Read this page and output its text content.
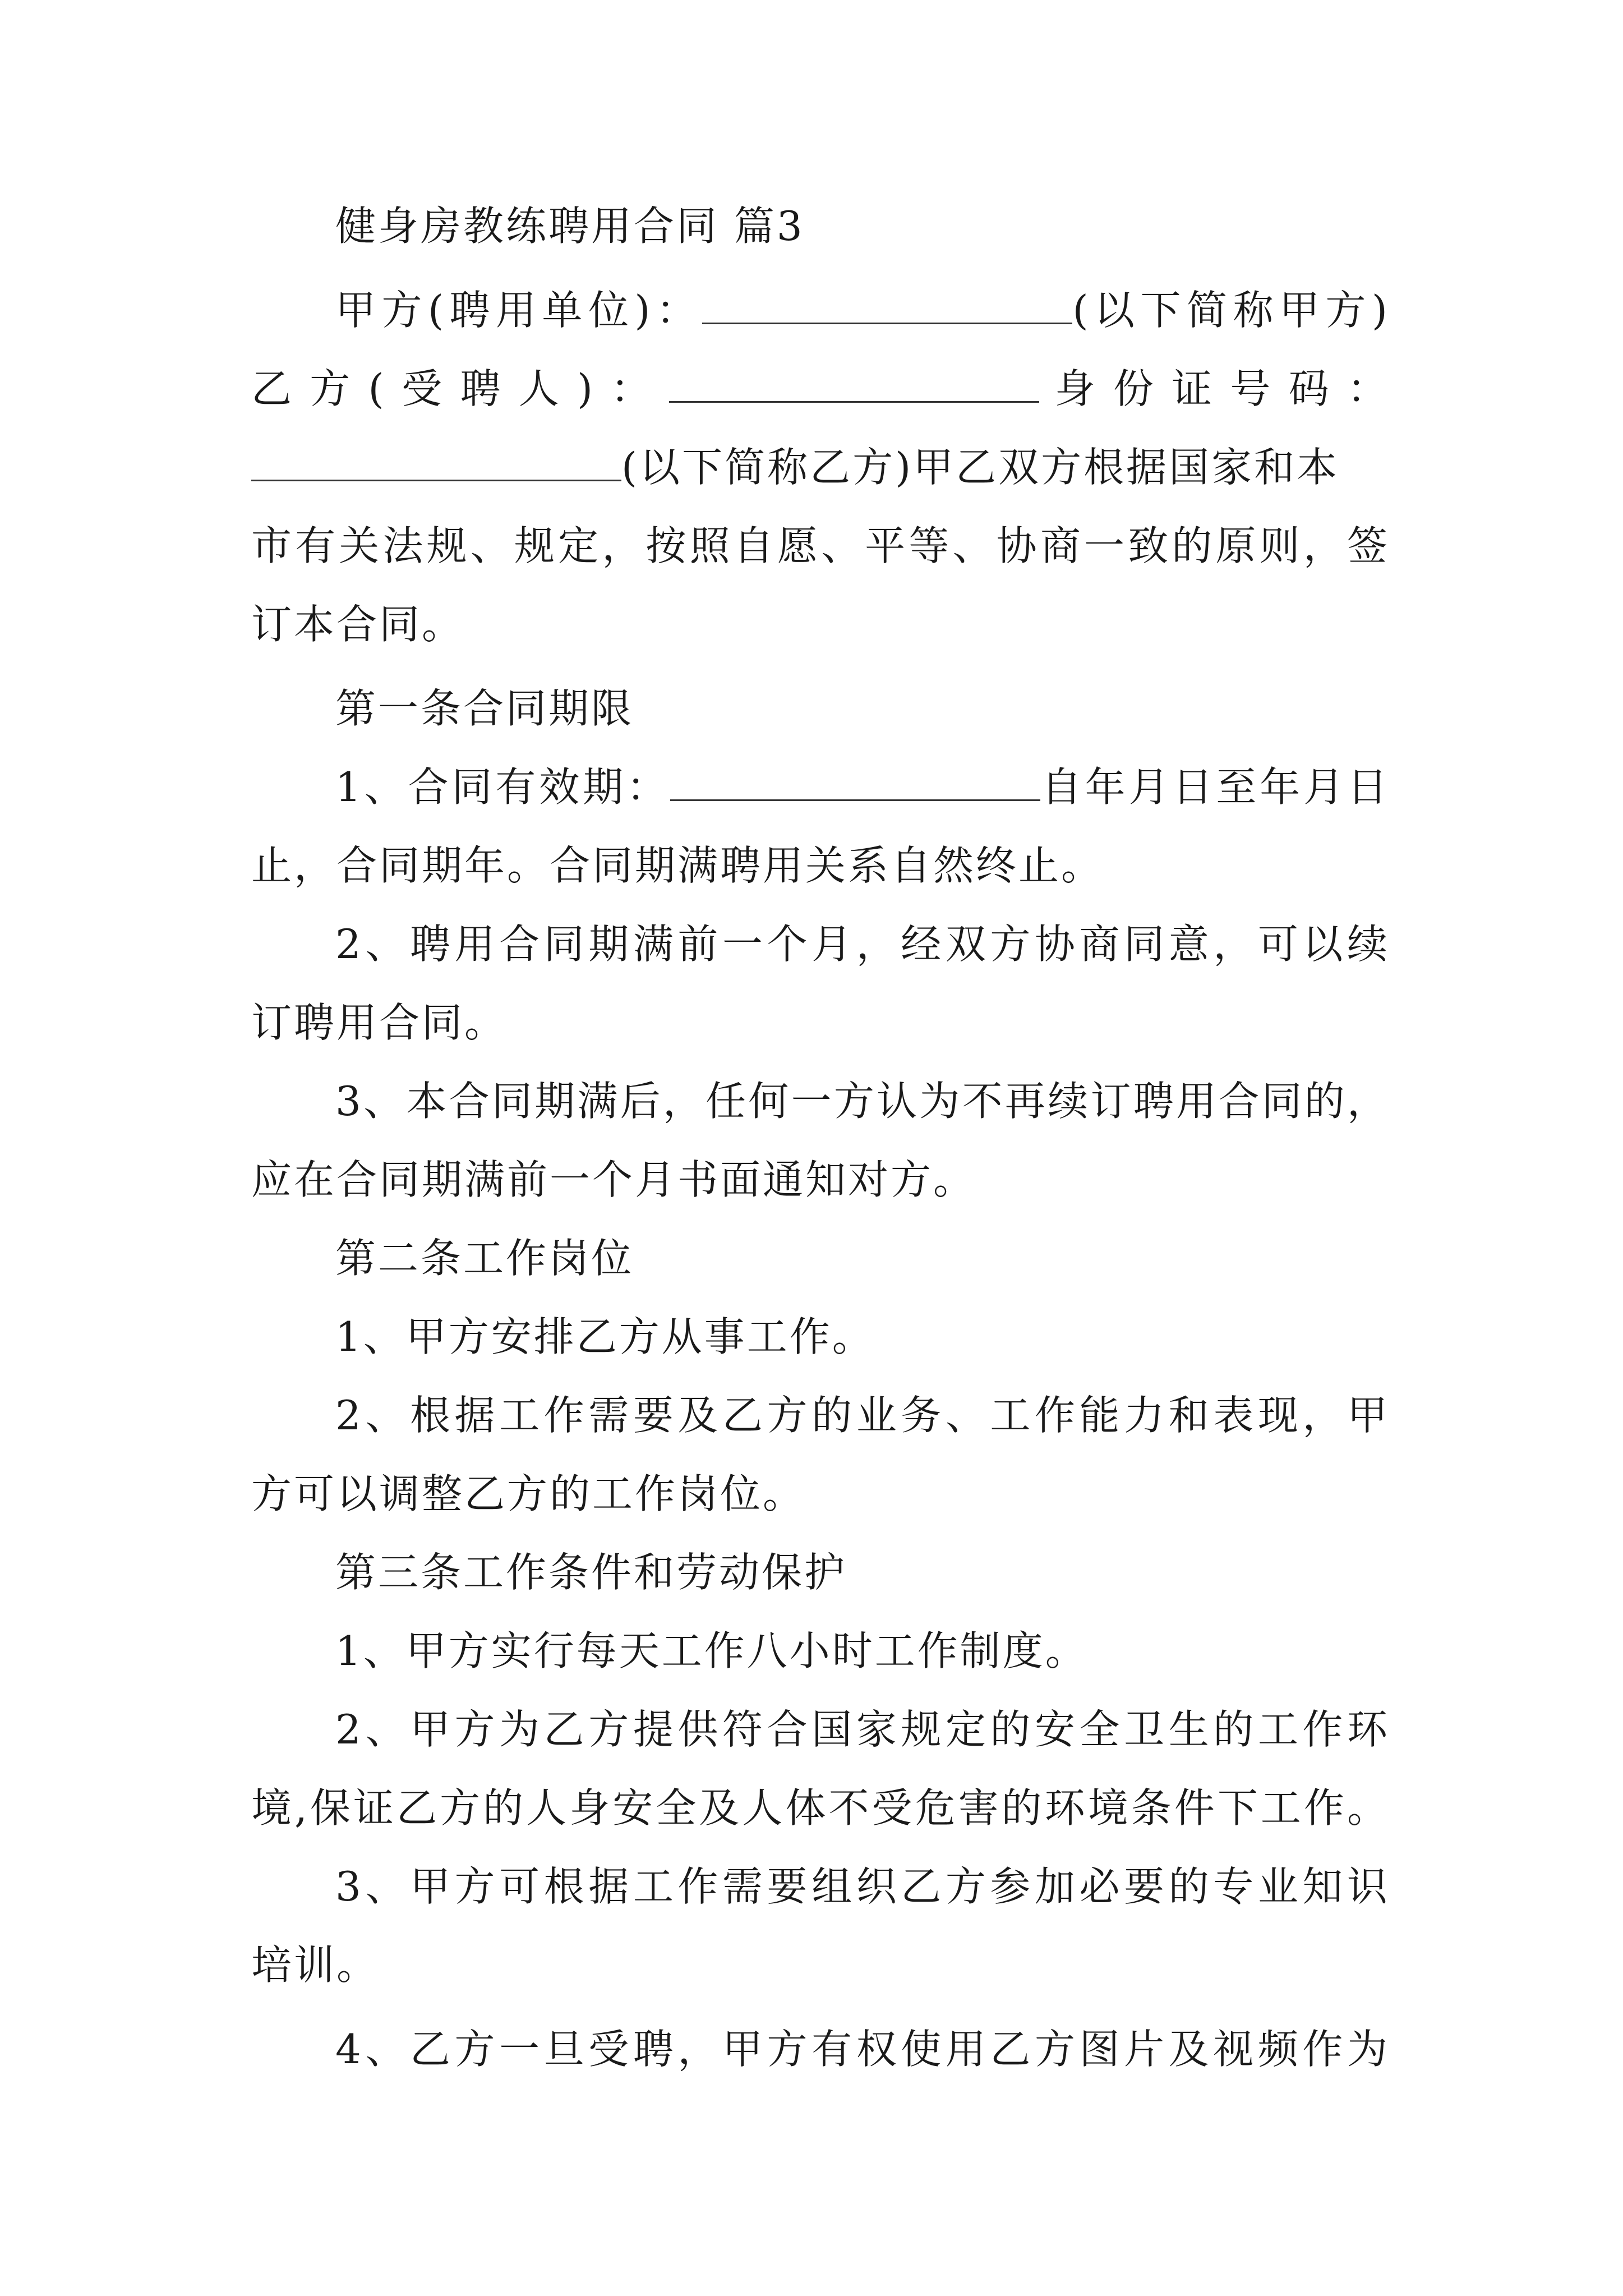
健身房教练聘用合同 篇3
甲方(聘用单位)：	(以下简称甲方)
乙 方 ( 受 聘 人 ) ：	身 份 证 号 码 ：
(以下简称乙方)甲乙双方根据国家和本
市有关法规、规定，按照自愿、平等、协商一致的原则，签
订本合同。
第一条合同期限
1、合同有效期：	自年月日至年月日
止，合同期年。合同期满聘用关系自然终止。
2、聘用合同期满前一个月，经双方协商同意，可以续
订聘用合同。
3、本合同期满后，任何一方认为不再续订聘用合同的，
应在合同期满前一个月书面通知对方。
第二条工作岗位
1、甲方安排乙方从事工作。
2、根据工作需要及乙方的业务、工作能力和表现，甲
方可以调整乙方的工作岗位。
第三条工作条件和劳动保护
1、甲方实行每天工作八小时工作制度。
2、甲方为乙方提供符合国家规定的安全卫生的工作环
境,保证乙方的人身安全及人体不受危害的环境条件下工作。
3、甲方可根据工作需要组织乙方参加必要的专业知识
培训。
4、乙方一旦受聘，甲方有权使用乙方图片及视频作为
